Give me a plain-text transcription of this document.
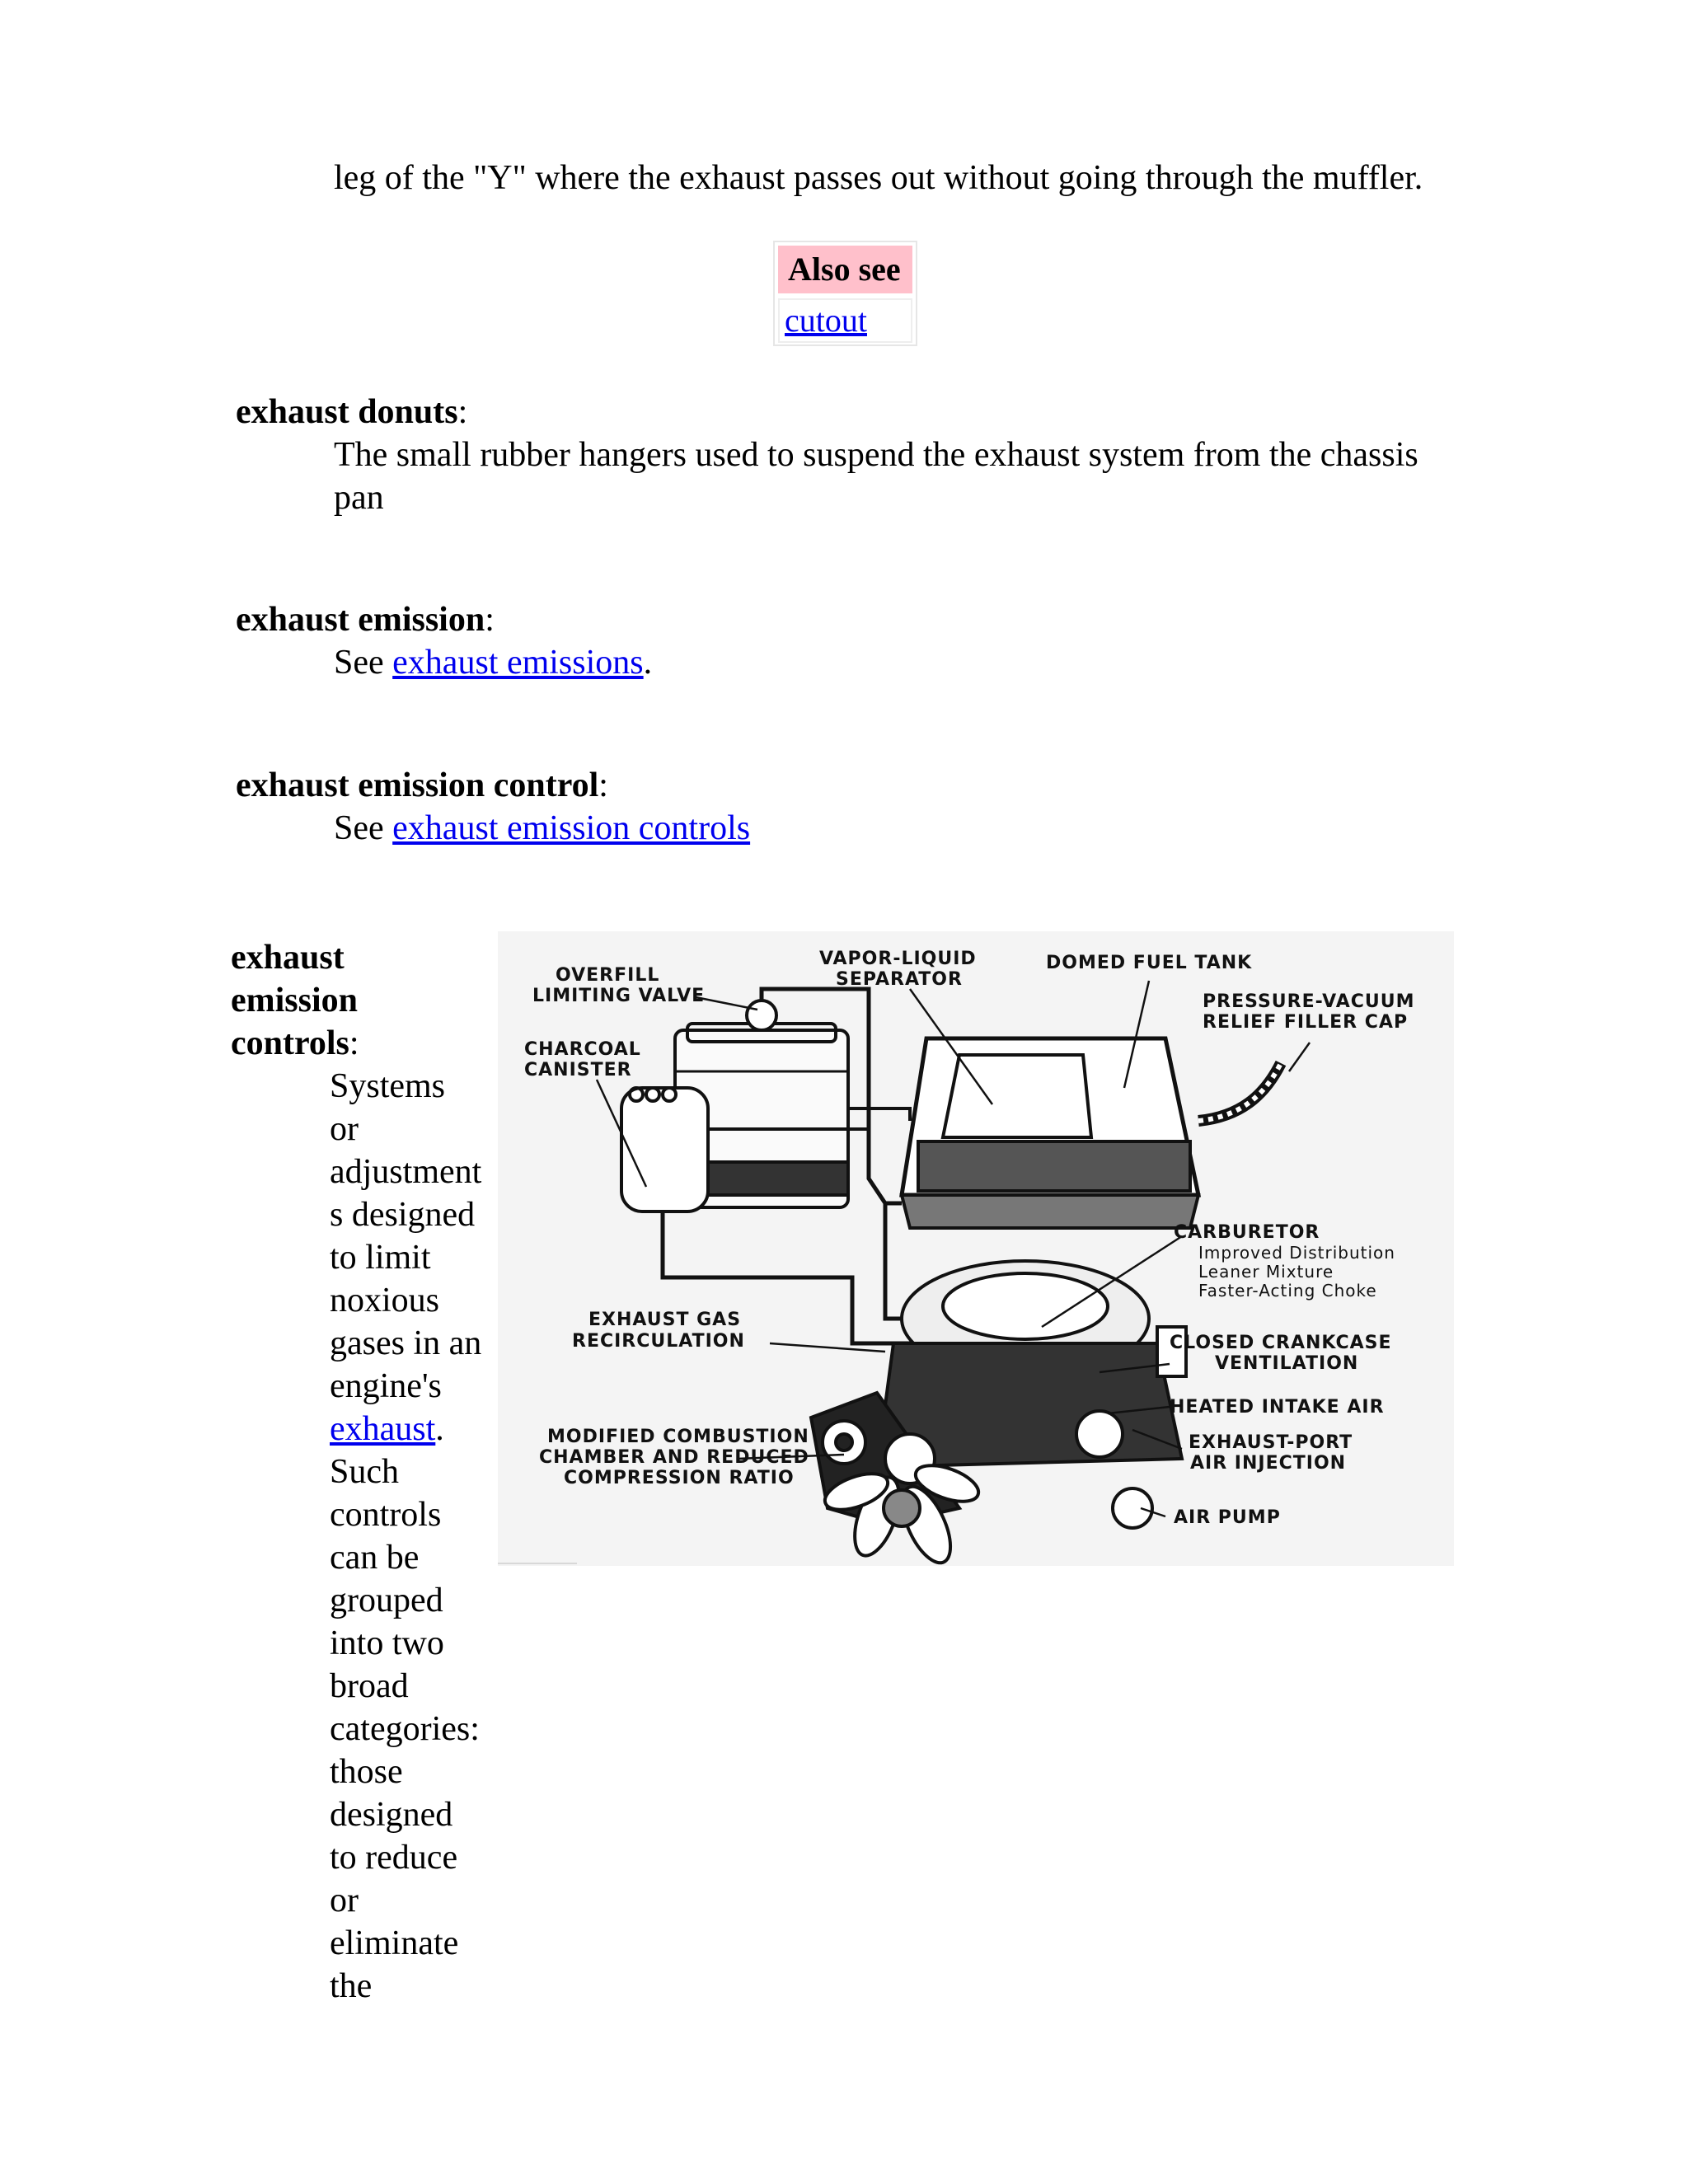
leg of the "Y" where the exhaust passes out without going through the muffler.
Also see
cutout
exhaust donuts:
The small rubber hangers used to suspend the exhaust system from the chassis pan
exhaust emission:
See exhaust emissions.
exhaust emission control:
See exhaust emission controls
exhaust
emission
controls:
Systems
or
adjustment
s designed
to limit
noxious
gases in an
engine's
exhaust.
Such
controls
can be
grouped
into two
broad
categories:
those
designed
to reduce
or
eliminate
the
OVERFILL
LIMITING VALVE
VAPOR-LIQUID
SEPARATOR
DOMED FUEL TANK
PRESSURE-VACUUM
RELIEF FILLER CAP
CHARCOAL
CANISTER
CARBURETOR
Improved Distribution
Leaner Mixture
Faster-Acting Choke
EXHAUST GAS
RECIRCULATION	CLOSED CRANKCASE
VENTILATION
HEATED INTAKE AIR
MODIFIED COMBUSTION
CHAMBER AND REDUCED
COMPRESSION RATIO
EXHAUST-PORT
AIR INJECTION
AIR PUMP
